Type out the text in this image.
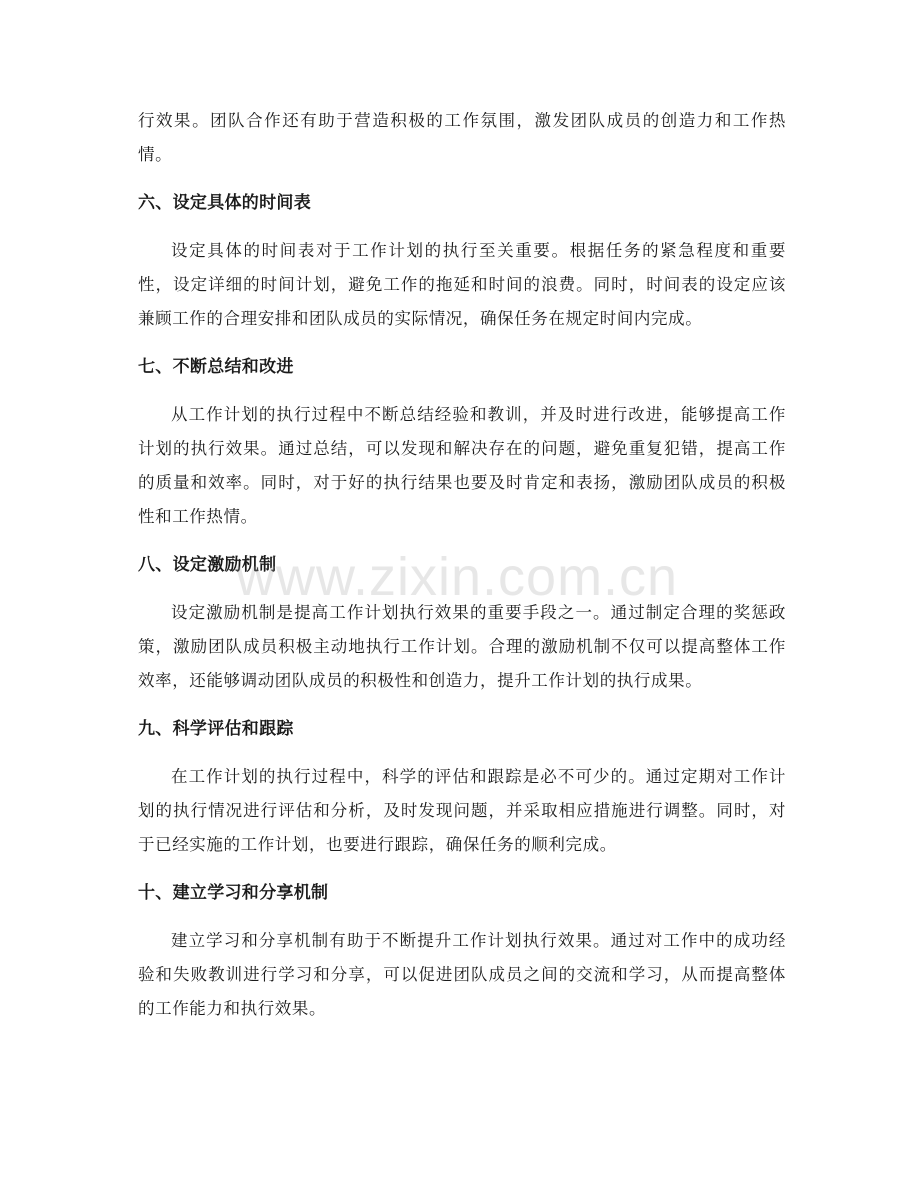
行效果。团队合作还有助于营造积极的工作氛围，激发团队成员的创造力和工作热情。

六、设定具体的时间表

设定具体的时间表对于工作计划的执行至关重要。根据任务的紧急程度和重要性，设定详细的时间计划，避免工作的拖延和时间的浪费。同时，时间表的设定应该兼顾工作的合理安排和团队成员的实际情况，确保任务在规定时间内完成。

七、不断总结和改进

从工作计划的执行过程中不断总结经验和教训，并及时进行改进，能够提高工作计划的执行效果。通过总结，可以发现和解决存在的问题，避免重复犯错，提高工作的质量和效率。同时，对于好的执行结果也要及时肯定和表扬，激励团队成员的积极性和工作热情。

八、设定激励机制

设定激励机制是提高工作计划执行效果的重要手段之一。通过制定合理的奖惩政策，激励团队成员积极主动地执行工作计划。合理的激励机制不仅可以提高整体工作效率，还能够调动团队成员的积极性和创造力，提升工作计划的执行成果。

九、科学评估和跟踪

在工作计划的执行过程中，科学的评估和跟踪是必不可少的。通过定期对工作计划的执行情况进行评估和分析，及时发现问题，并采取相应措施进行调整。同时，对于已经实施的工作计划，也要进行跟踪，确保任务的顺利完成。

十、建立学习和分享机制

建立学习和分享机制有助于不断提升工作计划执行效果。通过对工作中的成功经验和失败教训进行学习和分享，可以促进团队成员之间的交流和学习，从而提高整体的工作能力和执行效果。

www.zixin.com.cn
